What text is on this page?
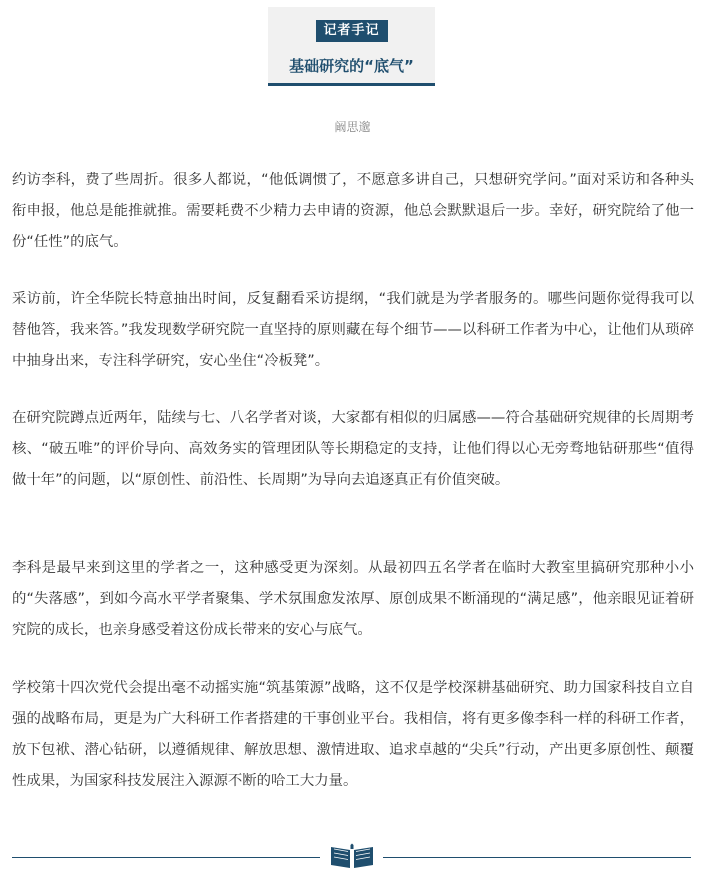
记者手记
基础研究的“底气”
阚思邈

约访李科，费了些周折。很多人都说，“他低调惯了，不愿意多讲自己，只想研究学问。”面对采访和各种头衔申报，他总是能推就推。需要耗费不少精力去申请的资源，他总会默默退后一步。幸好，研究院给了他一份“任性”的底气。

采访前，许全华院长特意抽出时间，反复翻看采访提纲，“我们就是为学者服务的。哪些问题你觉得我可以替他答，我来答。”我发现数学研究院一直坚持的原则藏在每个细节——以科研工作者为中心，让他们从琐碎中抽身出来，专注科学研究，安心坐住“冷板凳”。

在研究院蹲点近两年，陆续与七、八名学者对谈，大家都有相似的归属感——符合基础研究规律的长周期考核、“破五唯”的评价导向、高效务实的管理团队等长期稳定的支持，让他们得以心无旁骛地钻研那些“值得做十年”的问题，以“原创性、前沿性、长周期”为导向去追逐真正有价值突破。

李科是最早来到这里的学者之一，这种感受更为深刻。从最初四五名学者在临时大教室里搞研究那种小小的“失落感”，到如今高水平学者聚集、学术氛围愈发浓厚、原创成果不断涌现的“满足感”，他亲眼见证着研究院的成长，也亲身感受着这份成长带来的安心与底气。

学校第十四次党代会提出毫不动摇实施“筑基策源”战略，这不仅是学校深耕基础研究、助力国家科技自立自强的战略布局，更是为广大科研工作者搭建的干事创业平台。我相信，将有更多像李科一样的科研工作者，放下包袱、潜心钻研，以遵循规律、解放思想、激情进取、追求卓越的“尖兵”行动，产出更多原创性、颠覆性成果，为国家科技发展注入源源不断的哈工大力量。
